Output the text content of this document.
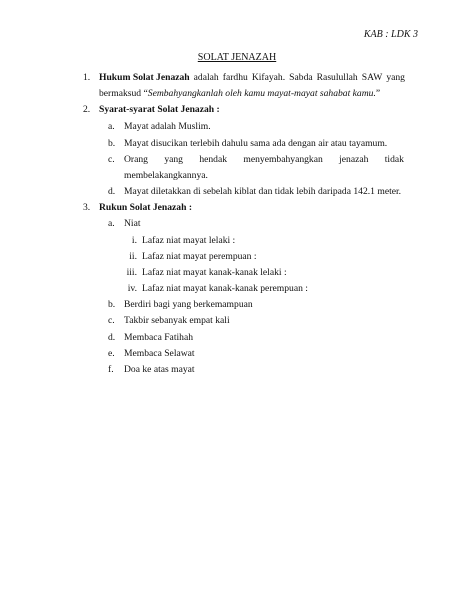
KAB : LDK 3
SOLAT JENAZAH
1. Hukum Solat Jenazah adalah fardhu Kifayah. Sabda Rasulullah SAW yang
bermaksud “Sembahyangkanlah oleh kamu mayat-mayat sahabat kamu.”
2. Syarat-syarat Solat Jenazah :
a. Mayat adalah Muslim.
b. Mayat disucikan terlebih dahulu sama ada dengan air atau tayamum.
c. Orang yang hendak menyembahyangkan jenazah tidak
membelakangkannya.
d. Mayat diletakkan di sebelah kiblat dan tidak lebih daripada 142.1 meter.
3. Rukun Solat Jenazah :
a. Niat
i. Lafaz niat mayat lelaki :
ii. Lafaz niat mayat perempuan :
iii. Lafaz niat mayat kanak-kanak lelaki :
iv. Lafaz niat mayat kanak-kanak perempuan :
b. Berdiri bagi yang berkemampuan
c. Takbir sebanyak empat kali
d. Membaca Fatihah
e. Membaca Selawat
f. Doa ke atas mayat
